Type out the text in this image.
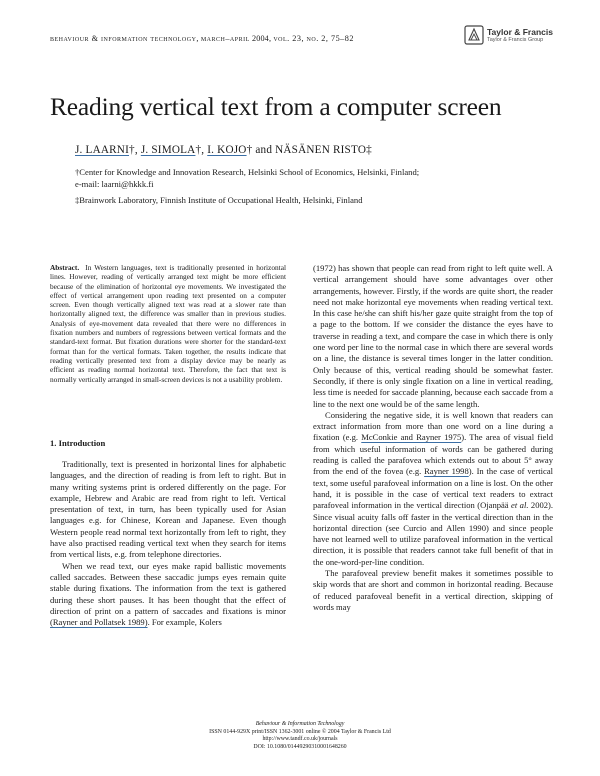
behaviour & information technology, march–april 2004, vol. 23, no. 2, 75–82
Taylor & Francis
Taylor & Francis Group
Reading vertical text from a computer screen
J. LAARNI†, J. SIMOLA†, I. KOJO† and NÄSÄNEN RISTO‡
†Center for Knowledge and Innovation Research, Helsinki School of Economics, Helsinki, Finland;
e-mail: laarni@hkkk.fi
‡Brainwork Laboratory, Finnish Institute of Occupational Health, Helsinki, Finland

Abstract. In Western languages, text is traditionally presented in horizontal lines. However, reading of vertically arranged text might be more efficient because of the elimination of horizontal eye movements. We investigated the effect of vertical arrangement upon reading text presented on a computer screen. Even though vertically aligned text was read at a slower rate than horizontally aligned text, the difference was smaller than in previous studies. Analysis of eye-movement data revealed that there were no differences in fixation numbers and numbers of regressions between vertical formats and the standard-text format. But fixation durations were shorter for the standard-text format than for the vertical formats. Taken together, the results indicate that reading vertically presented text from a display device may be nearly as efficient as reading normal horizontal text. Therefore, the fact that text is normally vertically arranged in small-screen devices is not a usability problem.

1. Introduction

Traditionally, text is presented in horizontal lines for alphabetic languages, and the direction of reading is from left to right. But in many writing systems print is ordered differently on the page. For example, Hebrew and Arabic are read from right to left. Vertical presentation of text, in turn, has been typically used for Asian languages e.g. for Chinese, Korean and Japanese. Even though Western people read normal text horizontally from left to right, they have also practised reading vertical text when they search for items from vertical lists, e.g. from telephone directories.

When we read text, our eyes make rapid ballistic movements called saccades. Between these saccadic jumps eyes remain quite stable during fixations. The information from the text is gathered during these short pauses. It has been thought that the effect of direction of print on a pattern of saccades and fixations is minor (Rayner and Pollatsek 1989). For example, Kolers

(1972) has shown that people can read from right to left quite well. A vertical arrangement should have some advantages over other arrangements, however. Firstly, if the words are quite short, the reader need not make horizontal eye movements when reading vertical text. In this case he/she can shift his/her gaze quite straight from the top of a page to the bottom. If we consider the distance the eyes have to traverse in reading a text, and compare the case in which there is only one word per line to the normal case in which there are several words on a line, the distance is several times longer in the latter condition. Only because of this, vertical reading should be somewhat faster. Secondly, if there is only single fixation on a line in vertical reading, less time is needed for saccade planning, because each saccade from a line to the next one would be of the same length.

Considering the negative side, it is well known that readers can extract information from more than one word on a line during a fixation (e.g. McConkie and Rayner 1975). The area of visual field from which useful information of words can be gathered during reading is called the parafovea which extends out to about 5° away from the end of the fovea (e.g. Rayner 1998). In the case of vertical text, some useful parafoveal information on a line is lost. On the other hand, it is possible in the case of vertical text readers to extract parafoveal information in the vertical direction (Ojanpää et al. 2002). Since visual acuity falls off faster in the vertical direction than in the horizontal direction (see Curcio and Allen 1990) and since people have not learned well to utilize parafoveal information in the vertical direction, it is possible that readers cannot take full benefit of that in the one-word-per-line condition.

The parafoveal preview benefit makes it sometimes possible to skip words that are short and common in horizontal reading. Because of reduced parafoveal benefit in a vertical direction, skipping of words may

Behaviour & Information Technology
ISSN 0144-929X print/ISSN 1362-3001 online © 2004 Taylor & Francis Ltd
http://www.tandf.co.uk/journals
DOI: 10.1080/01449290310001648260
